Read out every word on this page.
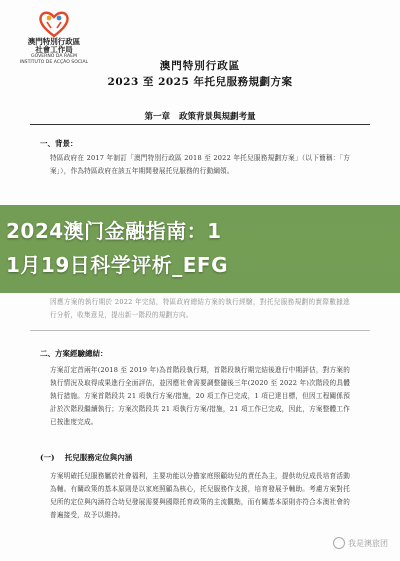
澳門特別行政區
社會工作局
GOVERNO DA RAEM
INSTITUTO DE ACÇÃO SOCIAL	澳門特別行政區
2023 至 2025 年托兒服務規劃方案
第一章 政策背景與規劃考量
一、背景：
特區政府在 2017 年制訂「澳門特別行政區 2018 至 2022 年托兒服務規劃方案」（以下簡稱：「方案」），作為特區政府在該五年期間發展托兒服務的行動綱領。
因應方案的執行期於 2022 年完結，特區政府總結方案的執行經驗，對托兒服務規劃的實際數據進行分析，收集意見，提出新一階段的規劃方向。
2024澳门金融指南：1
1月19日科学评析_EFG
二、方案經驗總結：
方案訂定首兩年(2018 至 2019 年)為首階段執行期，首階段執行期完結後進行中期評估，對方案的執行情況及取得成果進行全面評估，並因應社會需要調整隨後三年(2020 至 2022 年)次階段的具體執行措施。方案首階段共 21 項執行方案/措施，20 項工作已完成，1 項已達目標，但因工程關係預計於次階段繼續執行；方案次階段共 21 項執行方案/措施，21 項工作已完成，因此，方案整體工作已按進度完成。
(一)　 托兒服務定位與內涵
方案明確托兒服務屬於社會福利，主要功能以分擔家庭照顧幼兒的責任為主，提供幼兒成長培育活動為輔。有關政策的基本原則是以家庭照顧為核心，托兒服務作支援，培育發展予輔助。考慮方案對托兒所的定位與內涵符合幼兒發展需要與國際托育政策的主流觀點，而有關基本原則亦符合本澳社會的普遍接受，故予以維持。
我是澳旅团
